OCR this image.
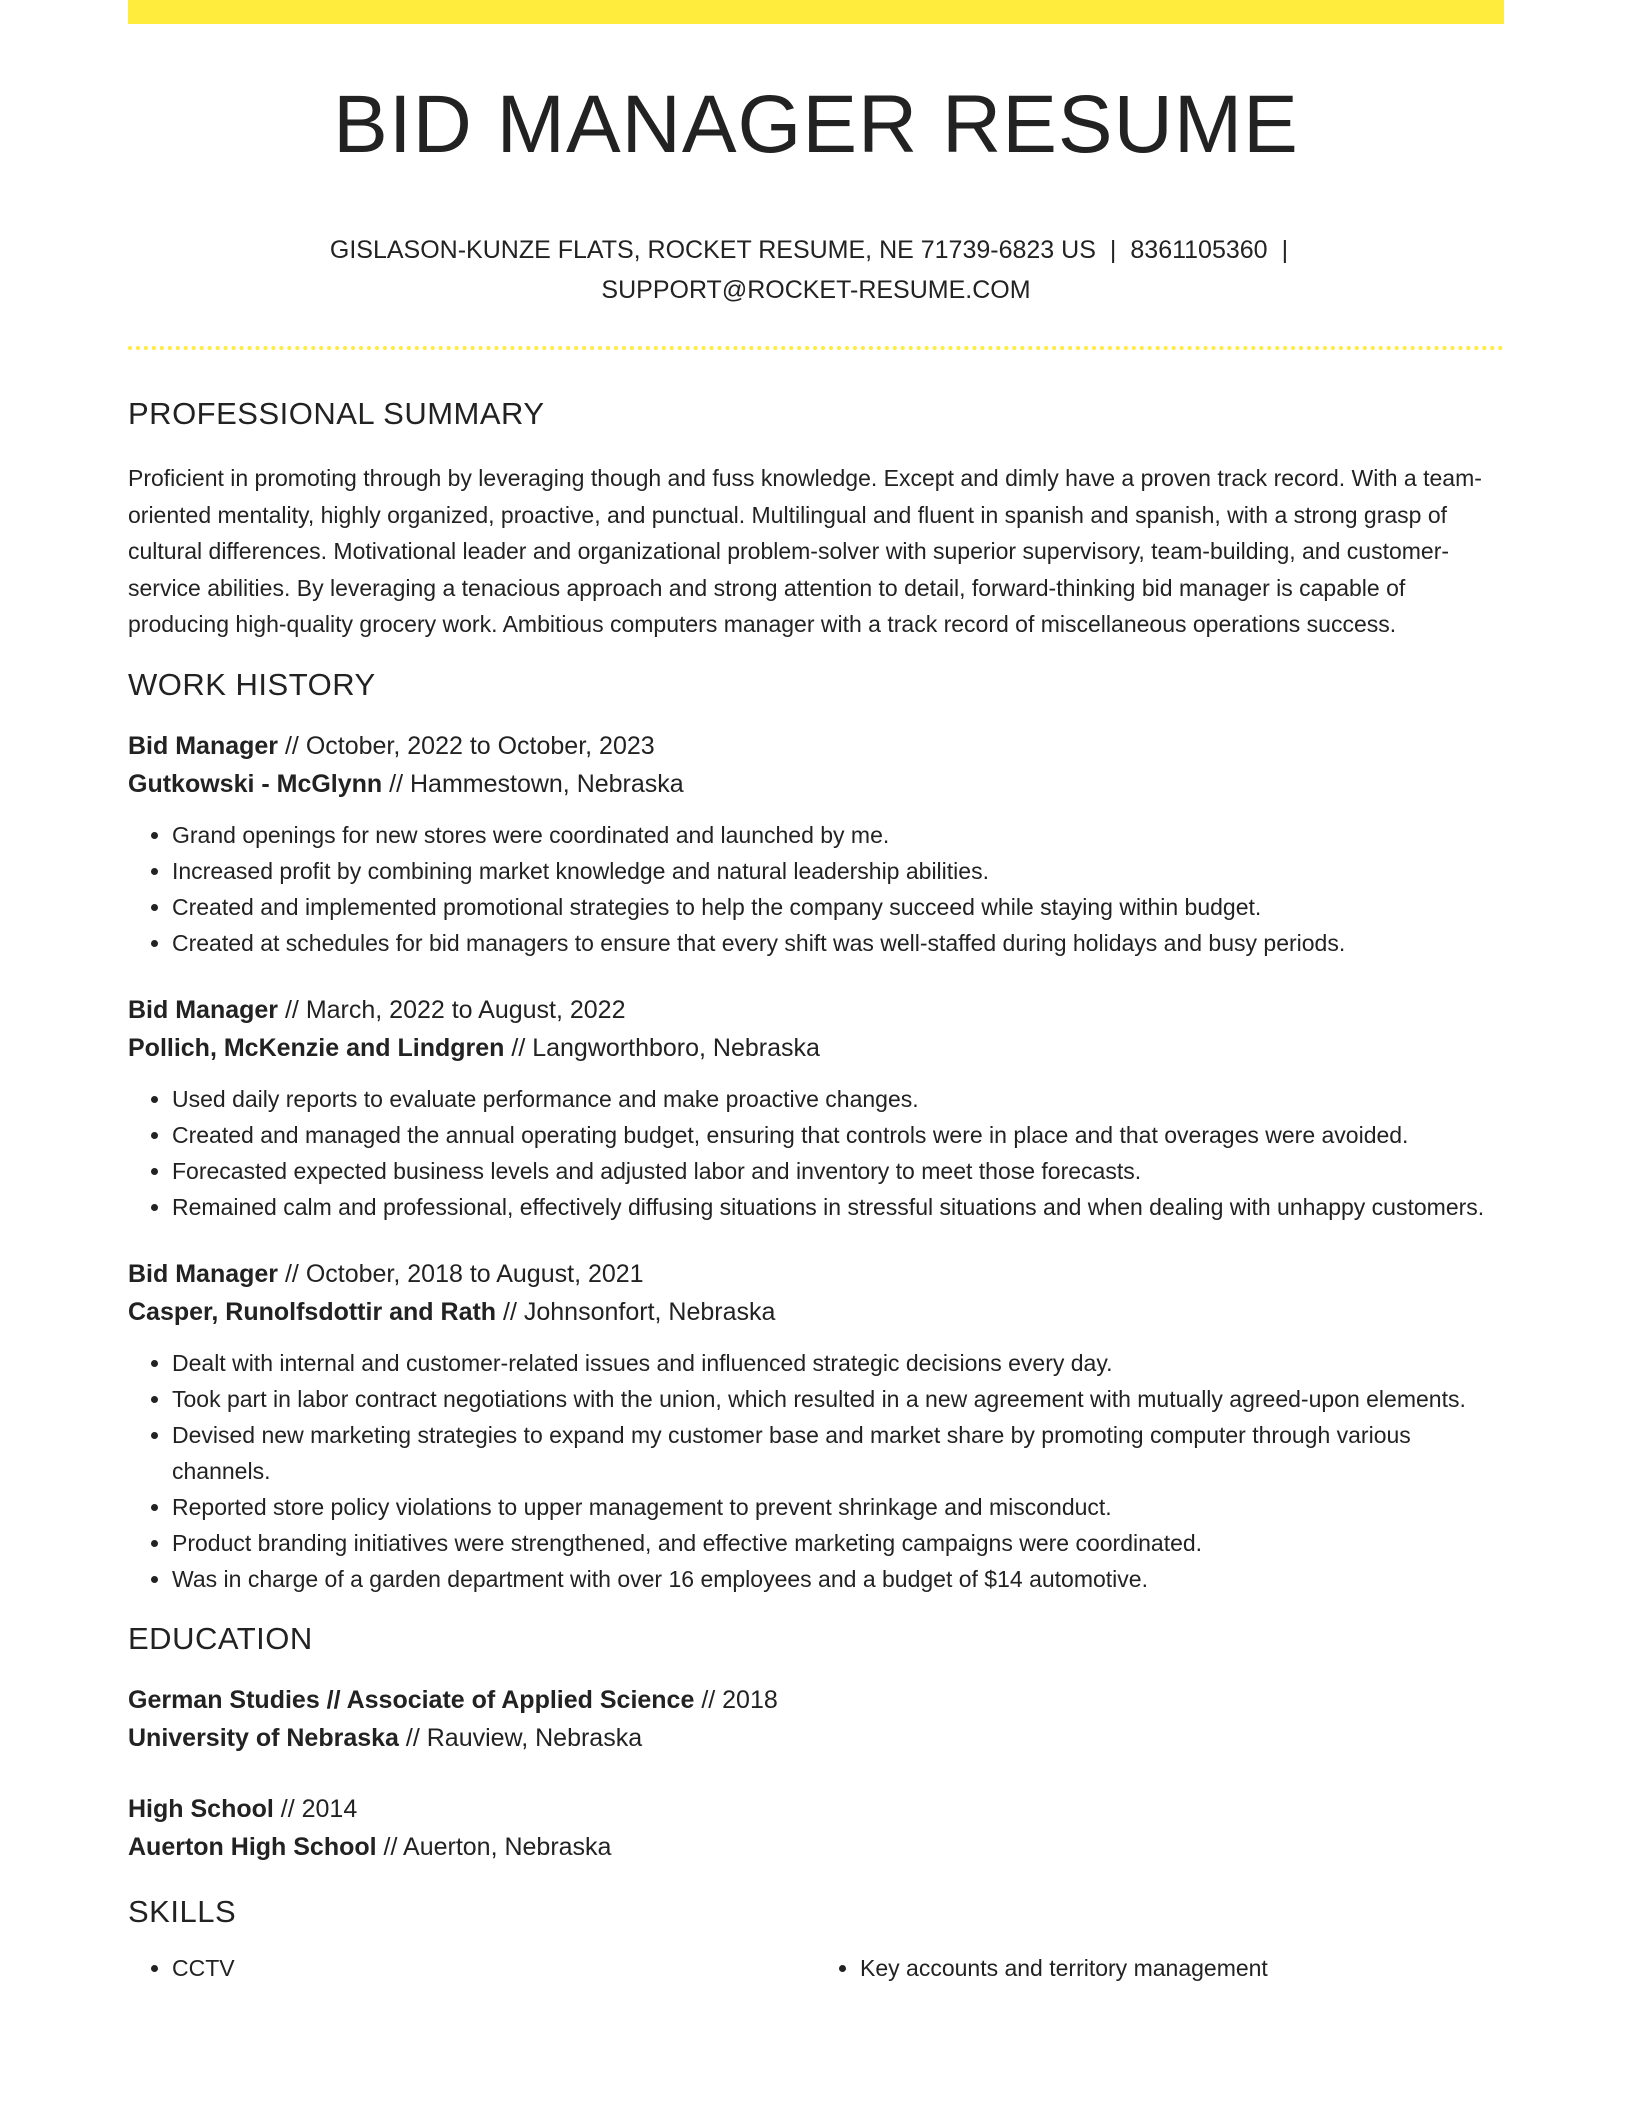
BID MANAGER RESUME
GISLASON-KUNZE FLATS, ROCKET RESUME, NE 71739-6823 US | 8361105360 |
SUPPORT@ROCKET-RESUME.COM
PROFESSIONAL SUMMARY

Proficient in promoting through by leveraging though and fuss knowledge. Except and dimly have a proven track record. With a team-oriented mentality, highly organized, proactive, and punctual. Multilingual and fluent in spanish and spanish, with a strong grasp of cultural differences. Motivational leader and organizational problem-solver with superior supervisory, team-building, and customer-service abilities. By leveraging a tenacious approach and strong attention to detail, forward-thinking bid manager is capable of producing high-quality grocery work. Ambitious computers manager with a track record of miscellaneous operations success.

WORK HISTORY
Bid Manager // October, 2022 to October, 2023
Gutkowski - McGlynn // Hammestown, Nebraska
• Grand openings for new stores were coordinated and launched by me.
• Increased profit by combining market knowledge and natural leadership abilities.
• Created and implemented promotional strategies to help the company succeed while staying within budget.
• Created at schedules for bid managers to ensure that every shift was well-staffed during holidays and busy periods.
Bid Manager // March, 2022 to August, 2022
Pollich, McKenzie and Lindgren // Langworthboro, Nebraska
• Used daily reports to evaluate performance and make proactive changes.
• Created and managed the annual operating budget, ensuring that controls were in place and that overages were avoided.
• Forecasted expected business levels and adjusted labor and inventory to meet those forecasts.
• Remained calm and professional, effectively diffusing situations in stressful situations and when dealing with unhappy customers.
Bid Manager // October, 2018 to August, 2021
Casper, Runolfsdottir and Rath // Johnsonfort, Nebraska
• Dealt with internal and customer-related issues and influenced strategic decisions every day.
• Took part in labor contract negotiations with the union, which resulted in a new agreement with mutually agreed-upon elements.
• Devised new marketing strategies to expand my customer base and market share by promoting computer through various channels.
• Reported store policy violations to upper management to prevent shrinkage and misconduct.
• Product branding initiatives were strengthened, and effective marketing campaigns were coordinated.
• Was in charge of a garden department with over 16 employees and a budget of $14 automotive.
EDUCATION
German Studies // Associate of Applied Science // 2018
University of Nebraska // Rauview, Nebraska
High School // 2014
Auerton High School // Auerton, Nebraska
SKILLS
• CCTV
•	Key accounts and territory management
